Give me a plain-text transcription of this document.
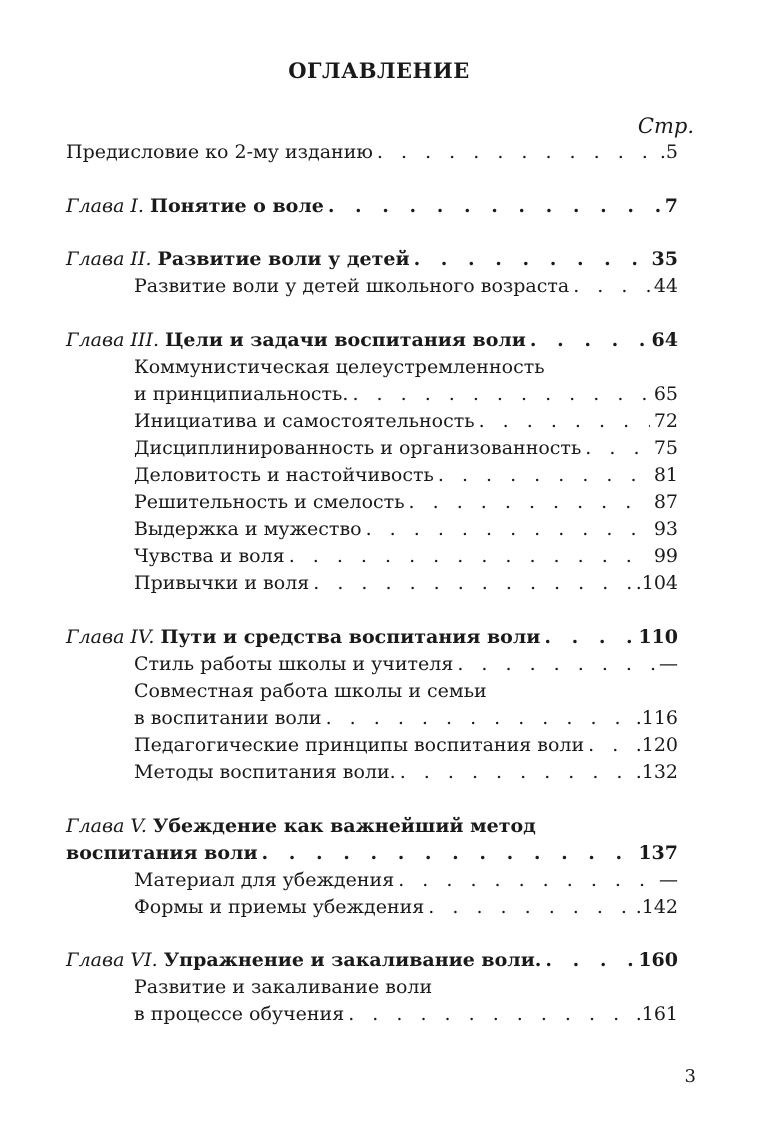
ОГЛАВЛЕНИЕ
Стр.
Предисловие ко 2-му изданию . . .	.5
Глава I. Понятие о воле . . .	7
Глава II. Развитие воли у детей . . .	35
Развитие воли у детей школьного возраста . . .	44
Глава III. Цели и задачи воспитания воли . . .	64
Коммунистическая целеустремленность
и принципиальность. . . .	65
Инициатива и самостоятельность . . .	72
Дисциплинированность и организованность . . .	75
Деловитость и настойчивость . . .	81
Решительность и смелость . . .	87
Выдержка и мужество . . .	93
Чувства и воля . . .	99
Привычки и воля . . .	.104
Глава IV. Пути и средства воспитания воли . . .	110
Стиль работы школы и учителя . . .	—
Совместная работа школы и семьи
в воспитании воли . . .	.116
Педагогические принципы воспитания воли . . .	.120
Методы воспитания воли. . . .	.132
Глава V. Убеждение как важнейший метод
воспитания воли . . .	137
Материал для убеждения . . .	—
Формы и приемы убеждения . . .	.142
Глава VI. Упражнение и закаливание воли. . . .	160
Развитие и закаливание воли
в процессе обучения . . .	.161
3
